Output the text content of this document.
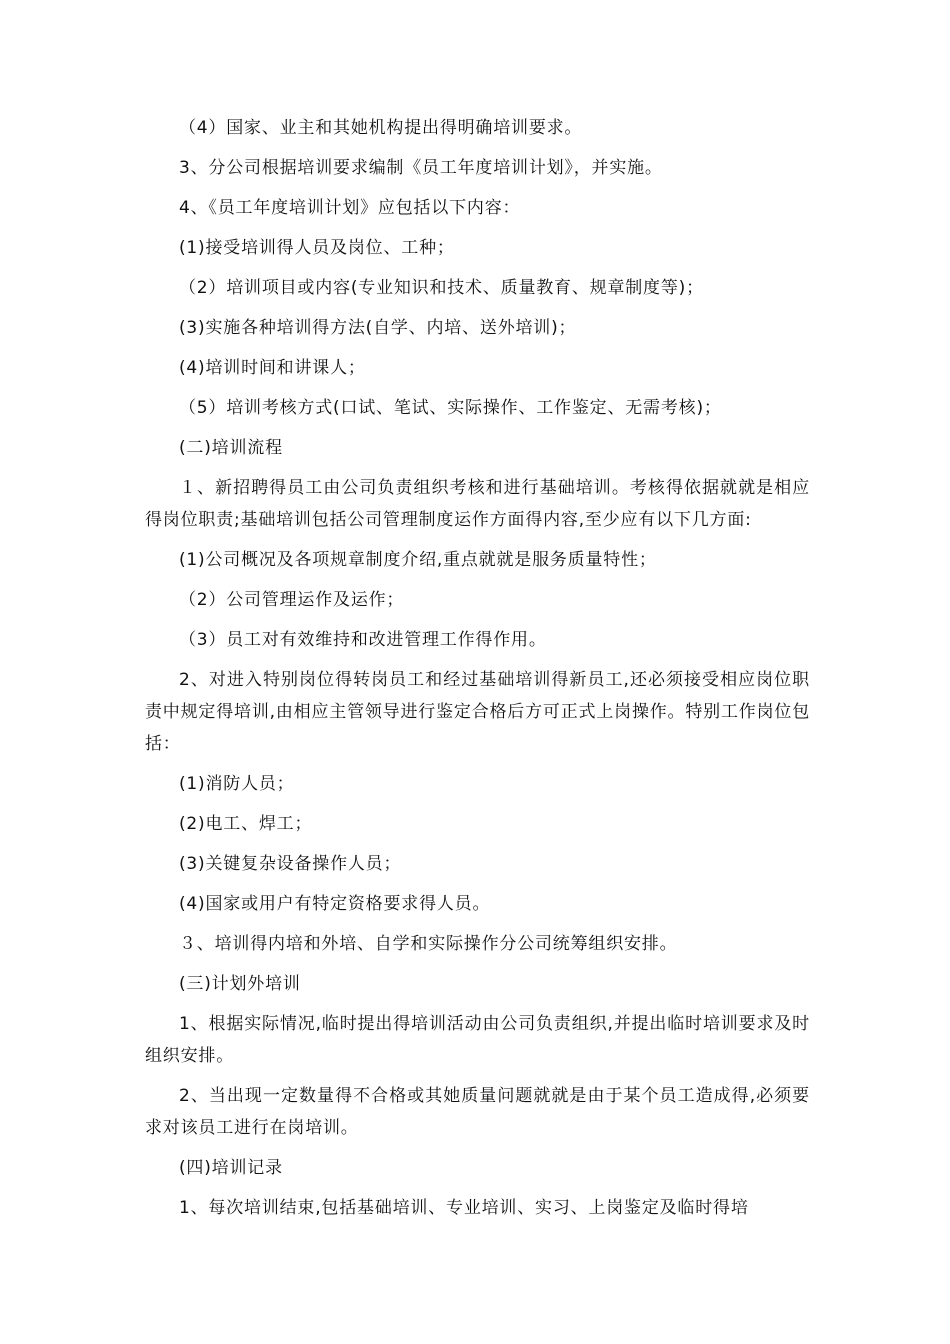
（4）国家、业主和其她机构提出得明确培训要求。

3、分公司根据培训要求编制《员工年度培训计划》，并实施。

4、《员工年度培训计划》应包括以下内容：

(1)接受培训得人员及岗位、工种；

（2）培训项目或内容(专业知识和技术、质量教育、规章制度等)；

(3)实施各种培训得方法(自学、内培、送外培训)；

(4)培训时间和讲课人；

（5）培训考核方式(口试、笔试、实际操作、工作鉴定、无需考核)；

(二)培训流程

１、新招聘得员工由公司负责组织考核和进行基础培训。考核得依据就就是相应得岗位职责;基础培训包括公司管理制度运作方面得内容,至少应有以下几方面:

(1)公司概况及各项规章制度介绍,重点就就是服务质量特性；

（2）公司管理运作及运作；

（3）员工对有效维持和改进管理工作得作用。

2、对进入特别岗位得转岗员工和经过基础培训得新员工,还必须接受相应岗位职责中规定得培训,由相应主管领导进行鉴定合格后方可正式上岗操作。特别工作岗位包括：

(1)消防人员；

(2)电工、焊工；

(3)关键复杂设备操作人员；

(4)国家或用户有特定资格要求得人员。

３、培训得内培和外培、自学和实际操作分公司统筹组织安排。

(三)计划外培训

1、根据实际情况,临时提出得培训活动由公司负责组织,并提出临时培训要求及时组织安排。

2、当出现一定数量得不合格或其她质量问题就就是由于某个员工造成得,必须要求对该员工进行在岗培训。

(四)培训记录

1、每次培训结束,包括基础培训、专业培训、实习、上岗鉴定及临时得培
